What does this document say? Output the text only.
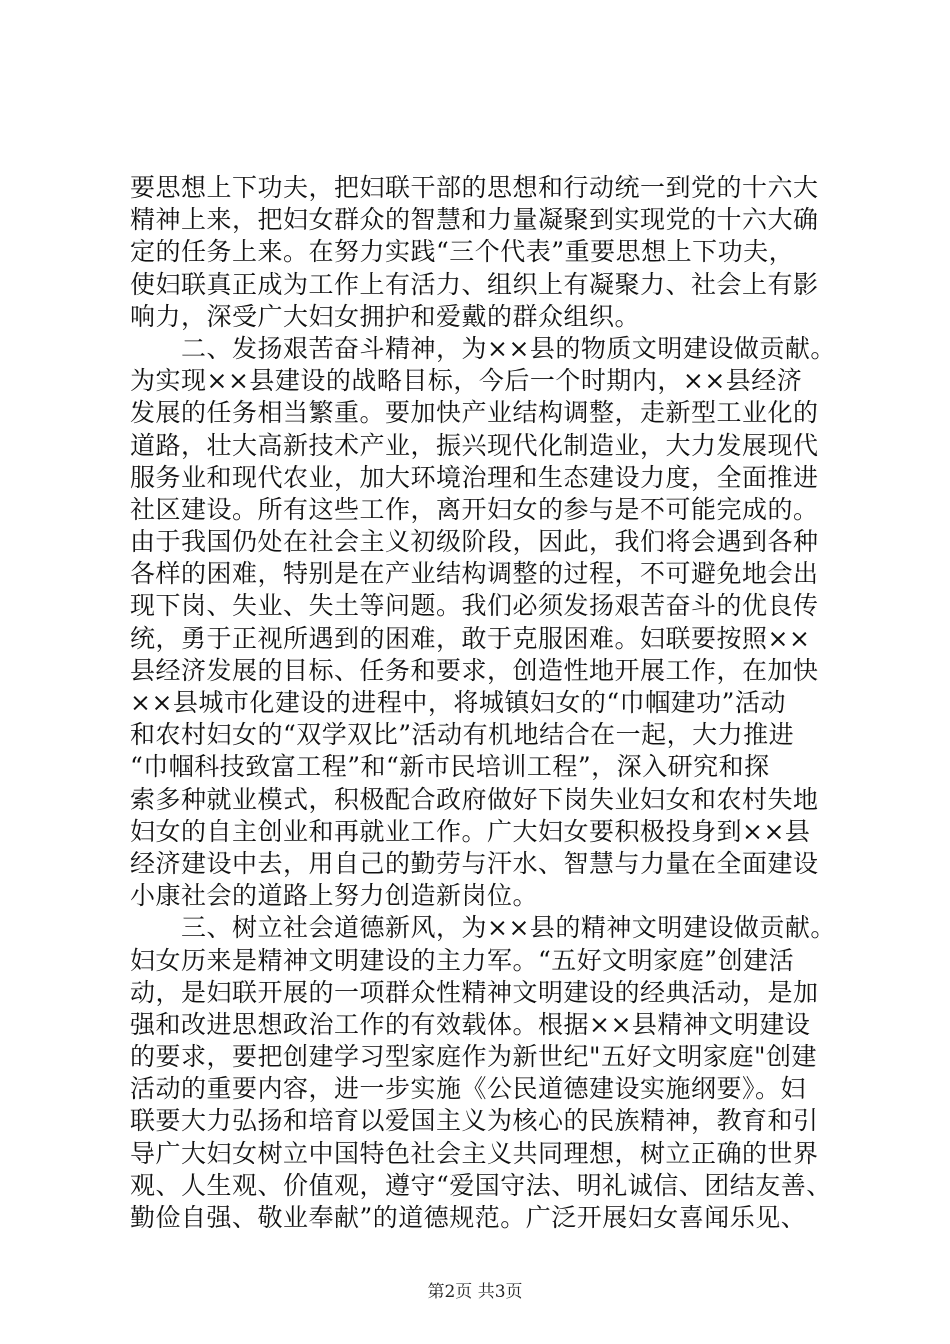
要思想上下功夫，把妇联干部的思想和行动统一到党的十六大
精神上来，把妇女群众的智慧和力量凝聚到实现党的十六大确
定的任务上来。在努力实践“三个代表”重要思想上下功夫，
使妇联真正成为工作上有活力、组织上有凝聚力、社会上有影
响力，深受广大妇女拥护和爱戴的群众组织。
　　二、发扬艰苦奋斗精神，为××县的物质文明建设做贡献。
为实现××县建设的战略目标，今后一个时期内，××县经济
发展的任务相当繁重。要加快产业结构调整，走新型工业化的
道路，壮大高新技术产业，振兴现代化制造业，大力发展现代
服务业和现代农业，加大环境治理和生态建设力度，全面推进
社区建设。所有这些工作，离开妇女的参与是不可能完成的。
由于我国仍处在社会主义初级阶段，因此，我们将会遇到各种
各样的困难，特别是在产业结构调整的过程，不可避免地会出
现下岗、失业、失土等问题。我们必须发扬艰苦奋斗的优良传
统，勇于正视所遇到的困难，敢于克服困难。妇联要按照××
县经济发展的目标、任务和要求，创造性地开展工作，在加快
××县城市化建设的进程中，将城镇妇女的“巾帼建功”活动
和农村妇女的“双学双比”活动有机地结合在一起，大力推进
“巾帼科技致富工程”和“新市民培训工程”，深入研究和探
索多种就业模式，积极配合政府做好下岗失业妇女和农村失地
妇女的自主创业和再就业工作。广大妇女要积极投身到××县
经济建设中去，用自己的勤劳与汗水、智慧与力量在全面建设
小康社会的道路上努力创造新岗位。
　　三、树立社会道德新风，为××县的精神文明建设做贡献。
妇女历来是精神文明建设的主力军。“五好文明家庭”创建活
动，是妇联开展的一项群众性精神文明建设的经典活动，是加
强和改进思想政治工作的有效载体。根据××县精神文明建设
的要求，要把创建学习型家庭作为新世纪"五好文明家庭"创建
活动的重要内容，进一步实施《公民道德建设实施纲要》。妇
联要大力弘扬和培育以爱国主义为核心的民族精神，教育和引
导广大妇女树立中国特色社会主义共同理想，树立正确的世界
观、人生观、价值观，遵守“爱国守法、明礼诚信、团结友善、
勤俭自强、敬业奉献”的道德规范。广泛开展妇女喜闻乐见、
第2页 共3页
